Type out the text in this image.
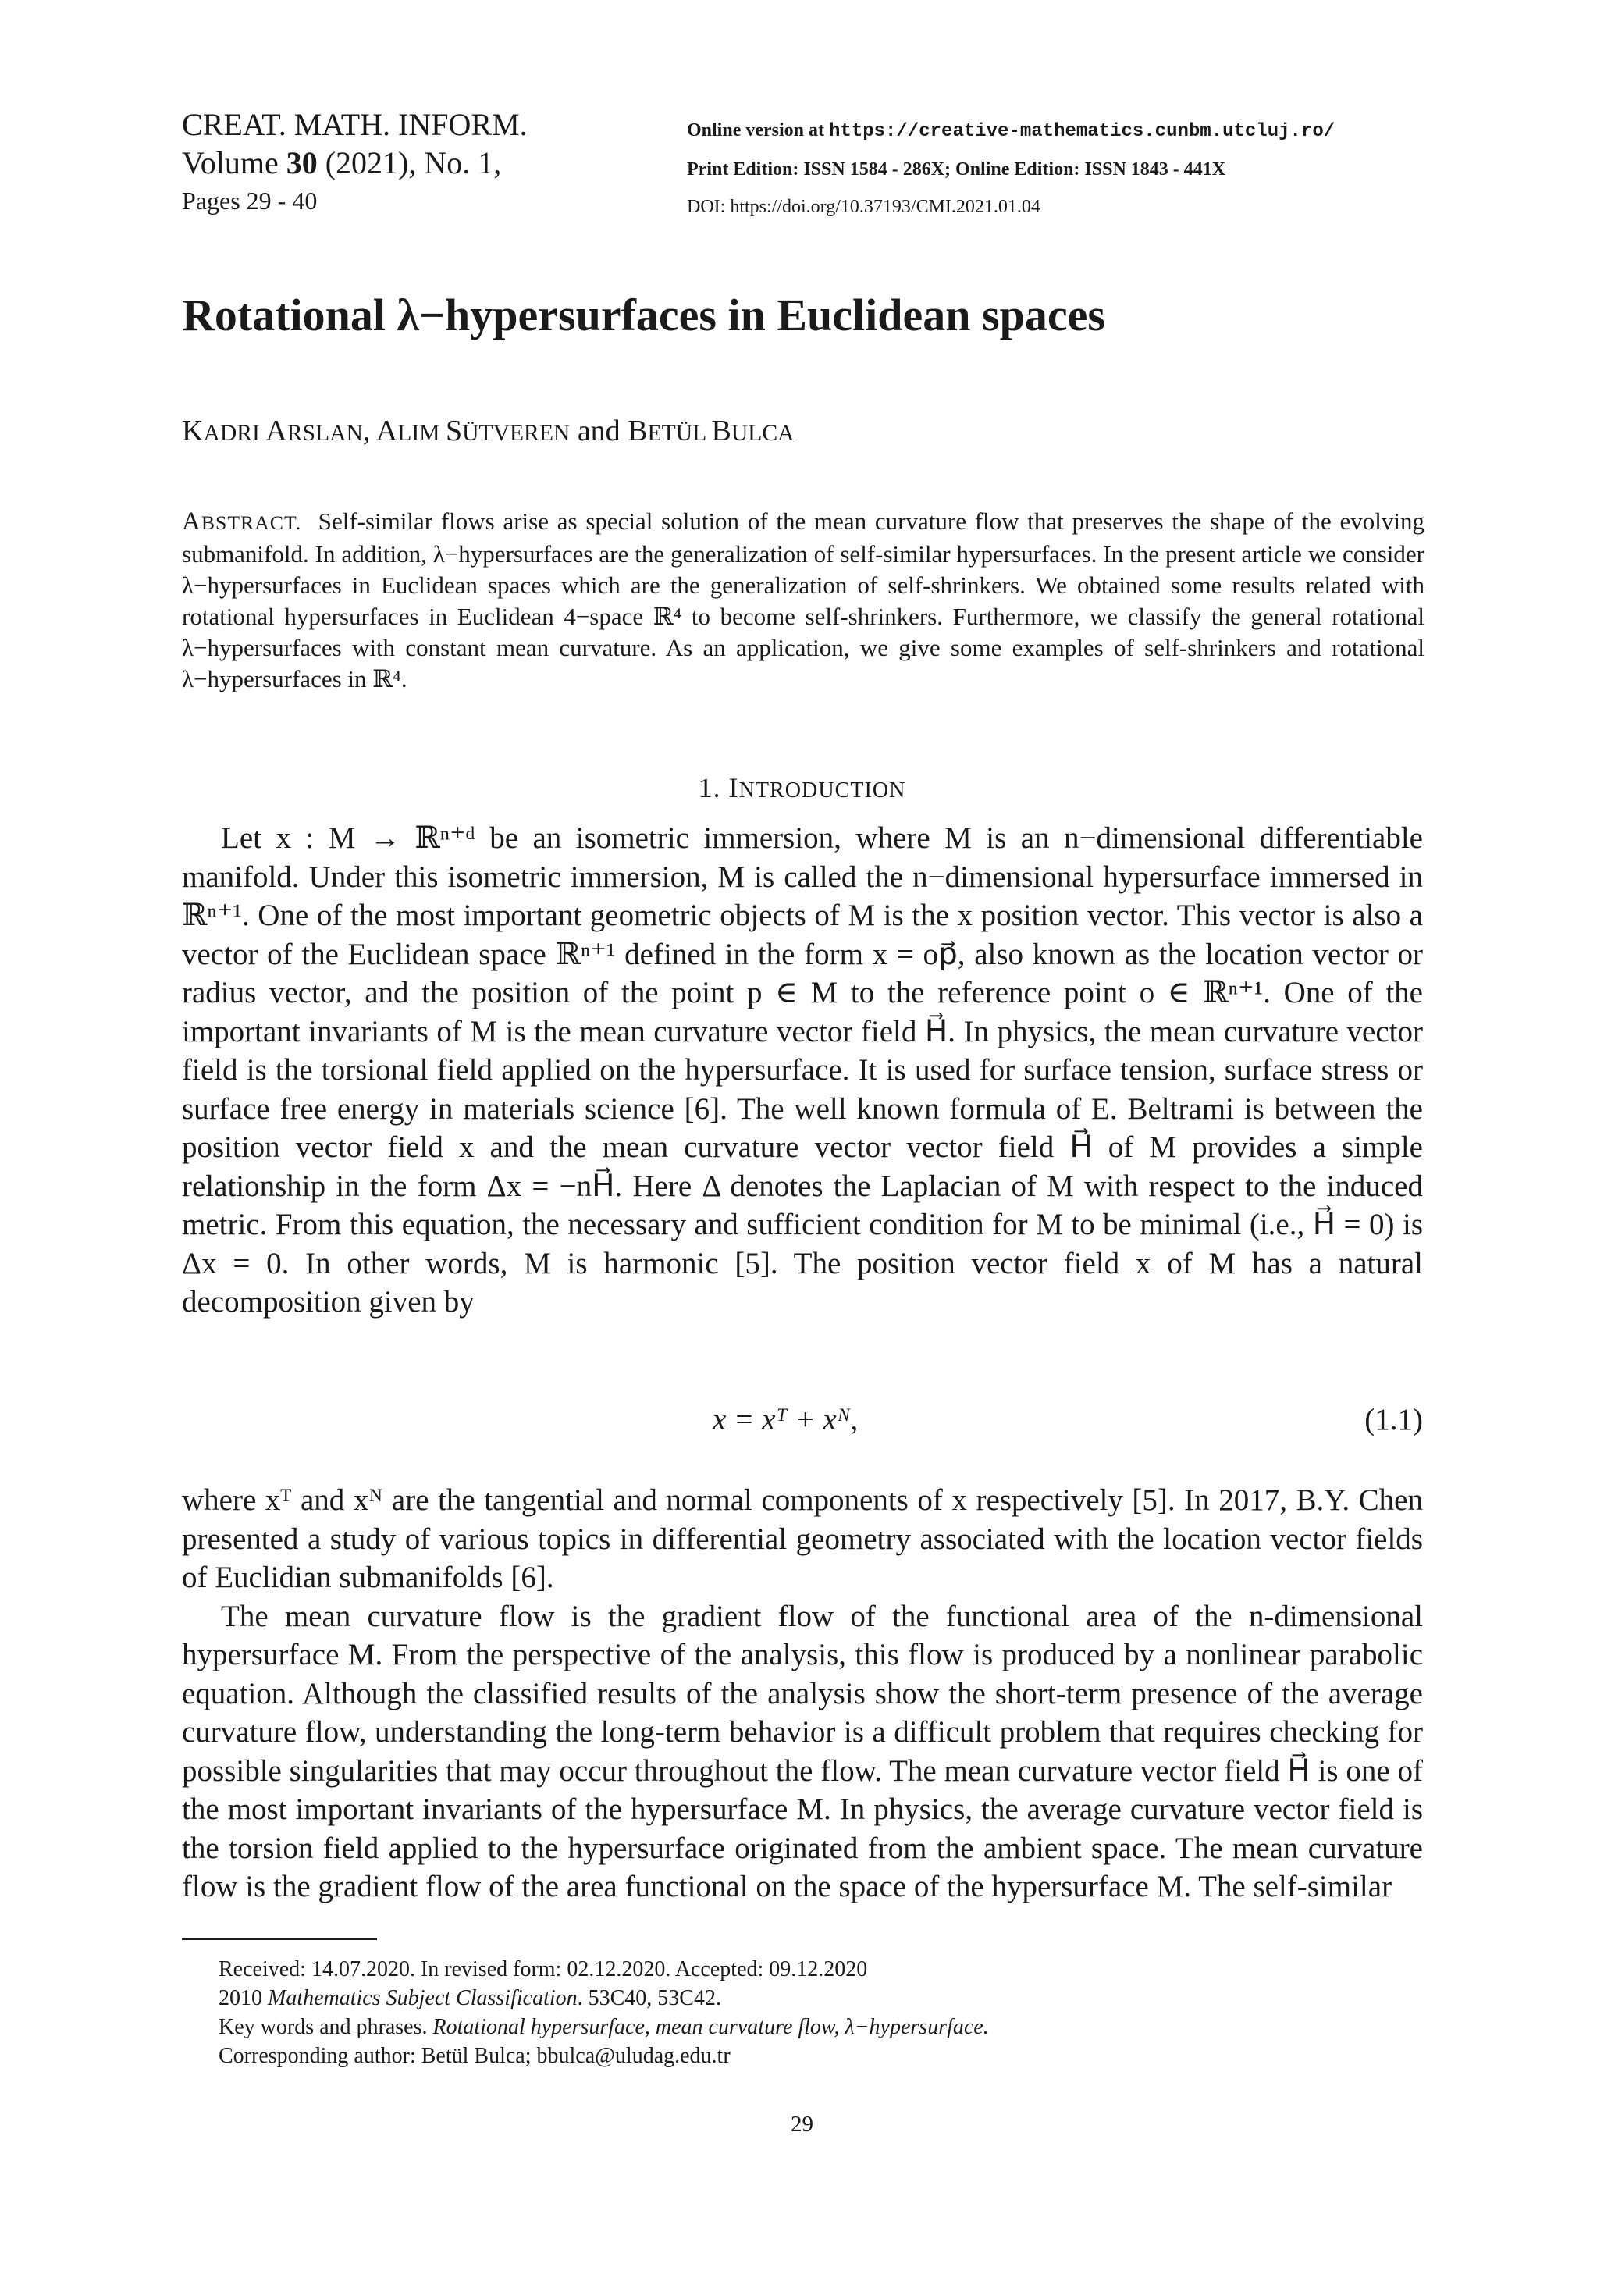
CREAT. MATH. INFORM.
Volume 30 (2021), No. 1,
Pages 29 - 40
Online version at https://creative-mathematics.cunbm.utcluj.ro/
Print Edition: ISSN 1584 - 286X; Online Edition: ISSN 1843 - 441X
DOI: https://doi.org/10.37193/CMI.2021.01.04
Rotational λ−hypersurfaces in Euclidean spaces
KADRI ARSLAN, ALIM SÜTVEREN and BETÜL BULCA
ABSTRACT. Self-similar flows arise as special solution of the mean curvature flow that preserves the shape of the evolving submanifold. In addition, λ−hypersurfaces are the generalization of self-similar hypersurfaces. In the present article we consider λ−hypersurfaces in Euclidean spaces which are the generalization of self-shrinkers. We obtained some results related with rotational hypersurfaces in Euclidean 4−space ℝ⁴ to become self-shrinkers. Furthermore, we classify the general rotational λ−hypersurfaces with constant mean curvature. As an application, we give some examples of self-shrinkers and rotational λ−hypersurfaces in ℝ⁴.
1. INTRODUCTION
Let x : M → ℝⁿ⁺ᵈ be an isometric immersion, where M is an n−dimensional differentiable manifold. Under this isometric immersion, M is called the n−dimensional hypersurface immersed in ℝⁿ⁺¹. One of the most important geometric objects of M is the x position vector. This vector is also a vector of the Euclidean space ℝⁿ⁺¹ defined in the form x = op⃗, also known as the location vector or radius vector, and the position of the point p ∈ M to the reference point o ∈ ℝⁿ⁺¹. One of the important invariants of M is the mean curvature vector field H⃗. In physics, the mean curvature vector field is the torsional field applied on the hypersurface. It is used for surface tension, surface stress or surface free energy in materials science [6]. The well known formula of E. Beltrami is between the position vector field x and the mean curvature vector vector field H⃗ of M provides a simple relationship in the form Δx = −nH⃗. Here Δ denotes the Laplacian of M with respect to the induced metric. From this equation, the necessary and sufficient condition for M to be minimal (i.e., H⃗ = 0) is Δx = 0. In other words, M is harmonic [5]. The position vector field x of M has a natural decomposition given by
x = xᵀ + xᴺ,	(1.1)
where xᵀ and xᴺ are the tangential and normal components of x respectively [5]. In 2017, B.Y. Chen presented a study of various topics in differential geometry associated with the location vector fields of Euclidian submanifolds [6].
The mean curvature flow is the gradient flow of the functional area of the n-dimensional hypersurface M. From the perspective of the analysis, this flow is produced by a nonlinear parabolic equation. Although the classified results of the analysis show the short-term presence of the average curvature flow, understanding the long-term behavior is a difficult problem that requires checking for possible singularities that may occur throughout the flow. The mean curvature vector field H⃗ is one of the most important invariants of the hypersurface M. In physics, the average curvature vector field is the torsion field applied to the hypersurface originated from the ambient space. The mean curvature flow is the gradient flow of the area functional on the space of the hypersurface M. The self-similar
Received: 14.07.2020. In revised form: 02.12.2020. Accepted: 09.12.2020
2010 Mathematics Subject Classification. 53C40, 53C42.
Key words and phrases. Rotational hypersurface, mean curvature flow, λ−hypersurface.
Corresponding author: Betül Bulca; bbulca@uludag.edu.tr
29
